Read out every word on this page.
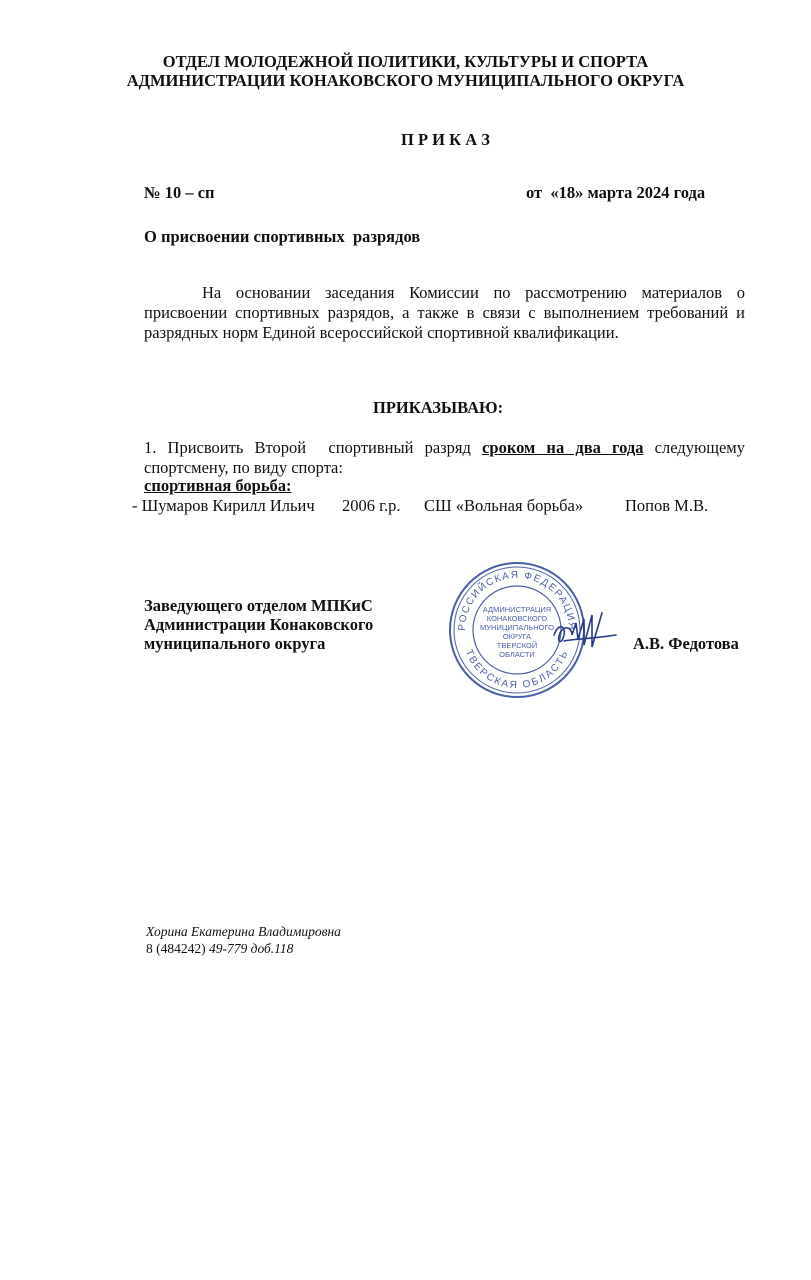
ОТДЕЛ МОЛОДЕЖНОЙ ПОЛИТИКИ, КУЛЬТУРЫ И СПОРТА
АДМИНИСТРАЦИИ КОНАКОВСКОГО МУНИЦИПАЛЬНОГО ОКРУГА
П Р И К А З
№ 10 – сп	от  «18» марта 2024 года
О присвоении спортивных  разрядов
На основании заседания Комиссии по рассмотрению материалов о присвоении спортивных разрядов, а также в связи с выполнением требований и разрядных норм Единой всероссийской спортивной квалификации.
ПРИКАЗЫВАЮ:
1. Присвоить Второй  спортивный разряд сроком на два года следующему спортсмену, по виду спорта:
спортивная борьба:
- Шумаров Кирилл Ильич 2006 г.р. СШ «Вольная борьба»	Попов М.В.
Заведующего отделом МПКиС
Администрации Конаковского
муниципального округа	А.В. Федотова
РОССИЙСКАЯ ФЕДЕРАЦИЯ
ТВЕРСКАЯ ОБЛАСТЬ
АДМИНИСТРАЦИЯ
КОНАКОВСКОГО
МУНИЦИПАЛЬНОГО
ОКРУГА
ТВЕРСКОЙ
ОБЛАСТИ
Хорина Екатерина Владимировна
8 (484242) 49-779 доб.118
